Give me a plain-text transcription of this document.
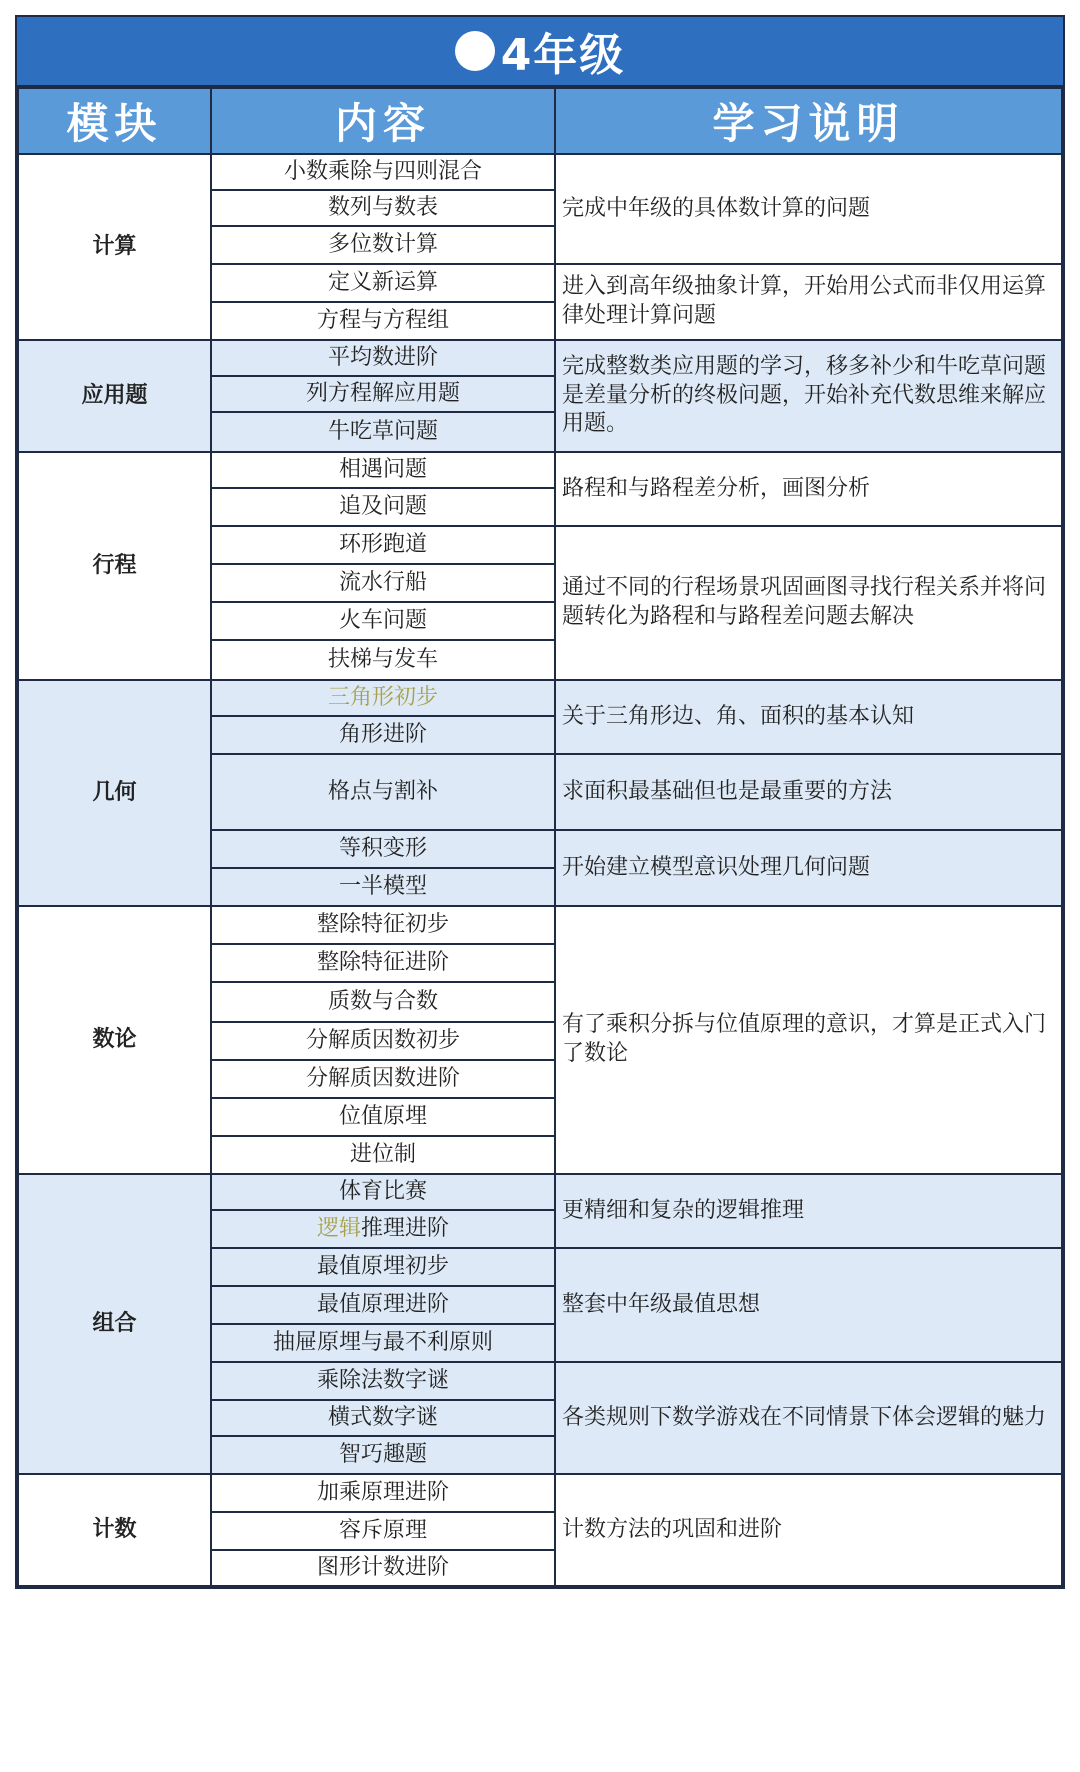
4年级
模块	内容	学习说明
计算	小数乘除与四则混合	完成中年级的具体数计算的问题
	数列与数表	
	多位数计算	
	定义新运算	进入到高年级抽象计算，开始用公式而非仅用运算律处理计算问题
	方程与方程组	
应用题	平均数进阶	完成整数类应用题的学习，移多补少和牛吃草问题是差量分析的终极问题，开始补充代数思维来解应用题。
	列方程解应用题	
	牛吃草问题	
行程	相遇问题	路程和与路程差分析，画图分析
	追及问题	
	环形跑道	通过不同的行程场景巩固画图寻找行程关系并将问题转化为路程和与路程差问题去解决
	流水行船	
	火车问题	
	扶梯与发车	
几何	三角形初步	关于三角形边、角、面积的基本认知
	角形进阶	
	格点与割补	求面积最基础但也是最重要的方法
	等积变形	开始建立模型意识处理几何问题
	一半模型	
数论	整除特征初步	有了乘积分拆与位值原理的意识，才算是正式入门了数论
	整除特征进阶	
	质数与合数	
	分解质因数初步	
	分解质因数进阶	
	位值原埋	
	进位制	
组合	体育比赛	更精细和复杂的逻辑推理
	逻辑推理进阶	
	最值原埋初步	整套中年级最值思想
	最值原理进阶	
	抽屉原埋与最不利原则	
	乘除法数字谜	各类规则下数学游戏在不同情景下体会逻辑的魅力
	横式数字谜	
	智巧趣题	
计数	加乘原理进阶	计数方法的巩固和进阶
	容斥原理	
	图形计数进阶	
